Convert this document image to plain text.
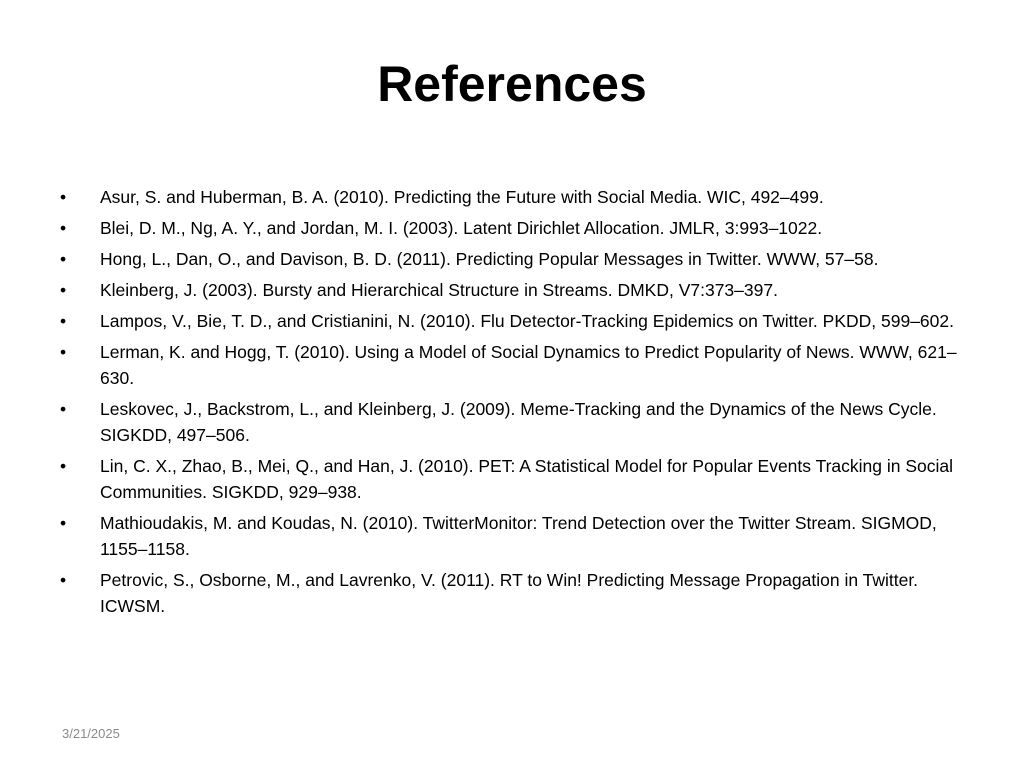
References
•	Asur, S. and Huberman, B. A. (2010). Predicting the Future with Social Media. WIC, 492–499.
•	Blei, D. M., Ng, A. Y., and Jordan, M. I. (2003). Latent Dirichlet Allocation. JMLR, 3:993–1022.
•	Hong, L., Dan, O., and Davison, B. D. (2011). Predicting Popular Messages in Twitter. WWW, 57–58.
•	Kleinberg, J. (2003). Bursty and Hierarchical Structure in Streams. DMKD, V7:373–397.
•	Lampos, V., Bie, T. D., and Cristianini, N. (2010). Flu Detector-Tracking Epidemics on Twitter. PKDD, 599–602.
•	Lerman, K. and Hogg, T. (2010). Using a Model of Social Dynamics to Predict Popularity of News. WWW, 621–630.
•	Leskovec, J., Backstrom, L., and Kleinberg, J. (2009). Meme-Tracking and the Dynamics of the News Cycle. SIGKDD, 497–506.
•	Lin, C. X., Zhao, B., Mei, Q., and Han, J. (2010). PET: A Statistical Model for Popular Events Tracking in Social Communities. SIGKDD, 929–938.
•	Mathioudakis, M. and Koudas, N. (2010). TwitterMonitor: Trend Detection over the Twitter Stream. SIGMOD, 1155–1158.
•	Petrovic, S., Osborne, M., and Lavrenko, V. (2011). RT to Win! Predicting Message Propagation in Twitter. ICWSM.
3/21/2025
